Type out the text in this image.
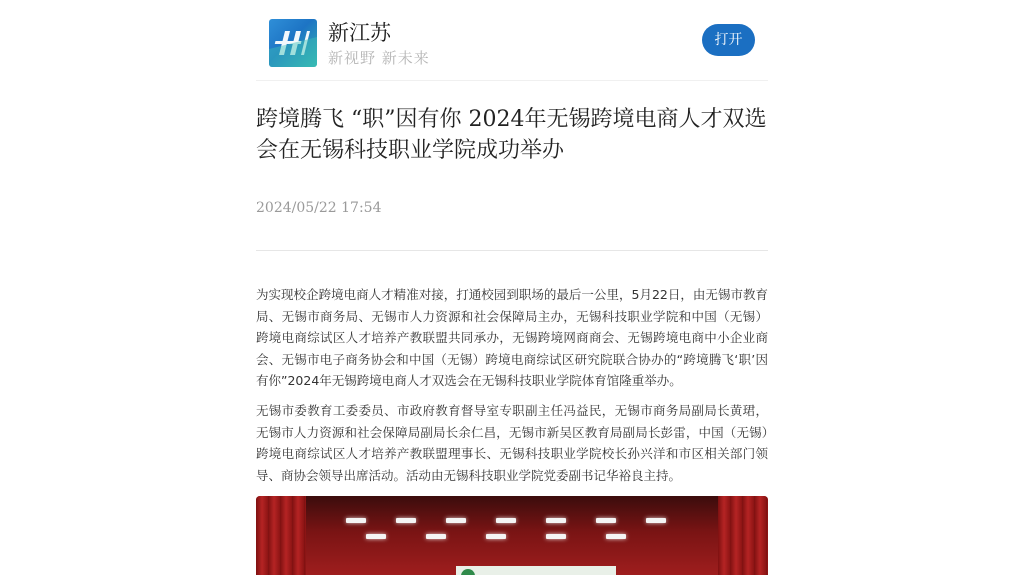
新江苏
新视野 新未来
打开
跨境腾飞 “职”因有你 2024年无锡跨境电商人才双选会在无锡科技职业学院成功举办
2024/05/22 17:54

为实现校企跨境电商人才精准对接，打通校园到职场的最后一公里，5月22日，由无锡市教育局、无锡市商务局、无锡市人力资源和社会保障局主办，无锡科技职业学院和中国（无锡）跨境电商综试区人才培养产教联盟共同承办，无锡跨境网商商会、无锡跨境电商中小企业商会、无锡市电子商务协会和中国（无锡）跨境电商综试区研究院联合协办的“跨境腾飞‘职’因有你”2024年无锡跨境电商人才双选会在无锡科技职业学院体育馆隆重举办。

无锡市委教育工委委员、市政府教育督导室专职副主任冯益民，无锡市商务局副局长黄珺，无锡市人力资源和社会保障局副局长余仁昌，无锡市新吴区教育局副局长彭雷，中国（无锡）跨境电商综试区人才培养产教联盟理事长、无锡科技职业学院校长孙兴洋和市区相关部门领导、商协会领导出席活动。活动由无锡科技职业学院党委副书记华裕良主持。
